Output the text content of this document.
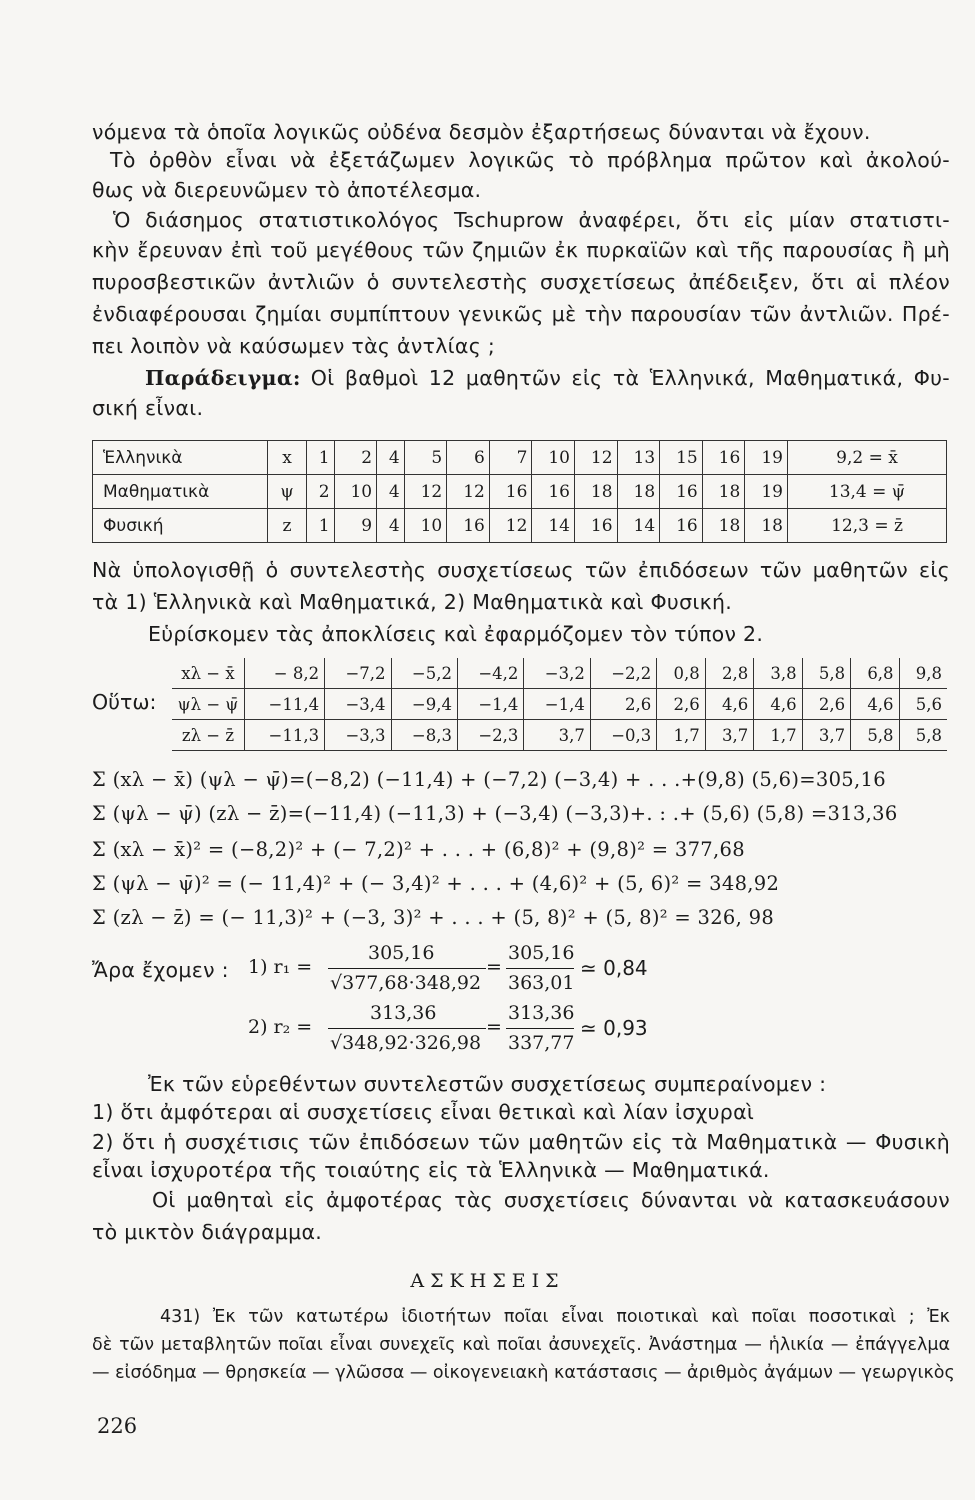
νόμενα τὰ ὁποῖα λογικῶς οὐδένα δεσμὸν ἐξαρτήσεως δύνανται νὰ ἔχουν.
Τὸ ὀρθὸν εἶναι νὰ ἐξετάζωμεν λογικῶς τὸ πρόβλημα πρῶτον καὶ ἀκολού-
θως νὰ διερευνῶμεν τὸ ἀποτέλεσμα.
Ὁ διάσημος στατιστικολόγος Tschuprow ἀναφέρει, ὅτι εἰς μίαν στατιστι-
κὴν ἔρευναν ἐπὶ τοῦ μεγέθους τῶν ζημιῶν ἐκ πυρκαϊῶν καὶ τῆς παρουσίας ἢ μὴ
πυροσβεστικῶν ἀντλιῶν ὁ συντελεστὴς συσχετίσεως ἀπέδειξεν, ὅτι αἱ πλέον
ἐνδιαφέρουσαι ζημίαι συμπίπτουν γενικῶς μὲ τὴν παρουσίαν τῶν ἀντλιῶν. Πρέ-
πει λοιπὸν νὰ καύσωμεν τὰς ἀντλίας ;
Παράδειγμα: Οἱ βαθμοὶ 12 μαθητῶν εἰς τὰ Ἑλληνικά, Μαθηματικά, Φυ-
σική εἶναι.
Ἑλληνικὰ	x	1	2	4	5	6	7	10	12	13	15	16	19	9,2 = x̄
Μαθηματικὰ	ψ	2	10	4	12	12	16	16	18	18	16	18	19	13,4 = ψ̄
Φυσική	z	1	9	4	10	16	12	14	16	14	16	18	18	12,3 = z̄
Νὰ ὑπολογισθῇ ὁ συντελεστὴς συσχετίσεως τῶν ἐπιδόσεων τῶν μαθητῶν εἰς
τὰ 1) Ἑλληνικὰ καὶ Μαθηματικά, 2) Μαθηματικὰ καὶ Φυσική.
Εὑρίσκομεν τὰς ἀποκλίσεις καὶ ἐφαρμόζομεν τὸν τύπον 2.
Οὕτω:
xλ − x̄	− 8,2	−7,2	−5,2	−4,2	−3,2	−2,2	0,8	2,8	3,8	5,8	6,8	9,8
ψλ − ψ̄	−11,4	−3,4	−9,4	−1,4	−1,4	2,6	2,6	4,6	4,6	2,6	4,6	5,6
zλ − z̄	−11,3	−3,3	−8,3	−2,3	3,7	−0,3	1,7	3,7	1,7	3,7	5,8	5,8
Σ (xλ − x̄) (ψλ − ψ̄)=(−8,2) (−11,4) + (−7,2) (−3,4) + . . .+(9,8) (5,6)=305,16
Σ (ψλ − ψ̄) (zλ − z̄)=(−11,4) (−11,3) + (−3,4) (−3,3)+. : .+ (5,6) (5,8) =313,36
Σ (xλ − x̄)² = (−8,2)² + (− 7,2)² + . . . + (6,8)² + (9,8)² = 377,68
Σ (ψλ − ψ̄)² = (− 11,4)² + (− 3,4)² + . . . + (4,6)² + (5, 6)² = 348,92
Σ (zλ − z̄) = (− 11,3)² + (−3, 3)² + . . . + (5, 8)² + (5, 8)² = 326, 98
Ἄρα ἔχομεν : 1) r₁ =
305,16
√377,68·348,92
=
305,16
363,01
≃ 0,84
2) r₂ =
313,36
√348,92·326,98
=
313,36
337,77
≃ 0,93
Ἐκ τῶν εὑρεθέντων συντελεστῶν συσχετίσεως συμπεραίνομεν :
1) ὅτι ἀμφότεραι αἱ συσχετίσεις εἶναι θετικαὶ καὶ λίαν ἰσχυραὶ
2) ὅτι ἡ συσχέτισις τῶν ἐπιδόσεων τῶν μαθητῶν εἰς τὰ Μαθηματικὰ — Φυσικὴ
εἶναι ἰσχυροτέρα τῆς τοιαύτης εἰς τὰ Ἑλληνικὰ — Μαθηματικά.
Οἱ μαθηταὶ εἰς ἀμφοτέρας τὰς συσχετίσεις δύνανται νὰ κατασκευάσουν
τὸ μικτὸν διάγραμμα.
ΑΣΚΗΣΕΙΣ
431) Ἐκ τῶν κατωτέρω ἰδιοτήτων ποῖαι εἶναι ποιοτικαὶ καὶ ποῖαι ποσοτικαὶ ; Ἐκ
δὲ τῶν μεταβλητῶν ποῖαι εἶναι συνεχεῖς καὶ ποῖαι ἀσυνεχεῖς. Ἀνάστημα — ἡλικία — ἐπάγγελμα
— εἰσόδημα — θρησκεία — γλῶσσα — οἰκογενειακὴ κατάστασις — ἀριθμὸς ἀγάμων — γεωργικὸς
226
